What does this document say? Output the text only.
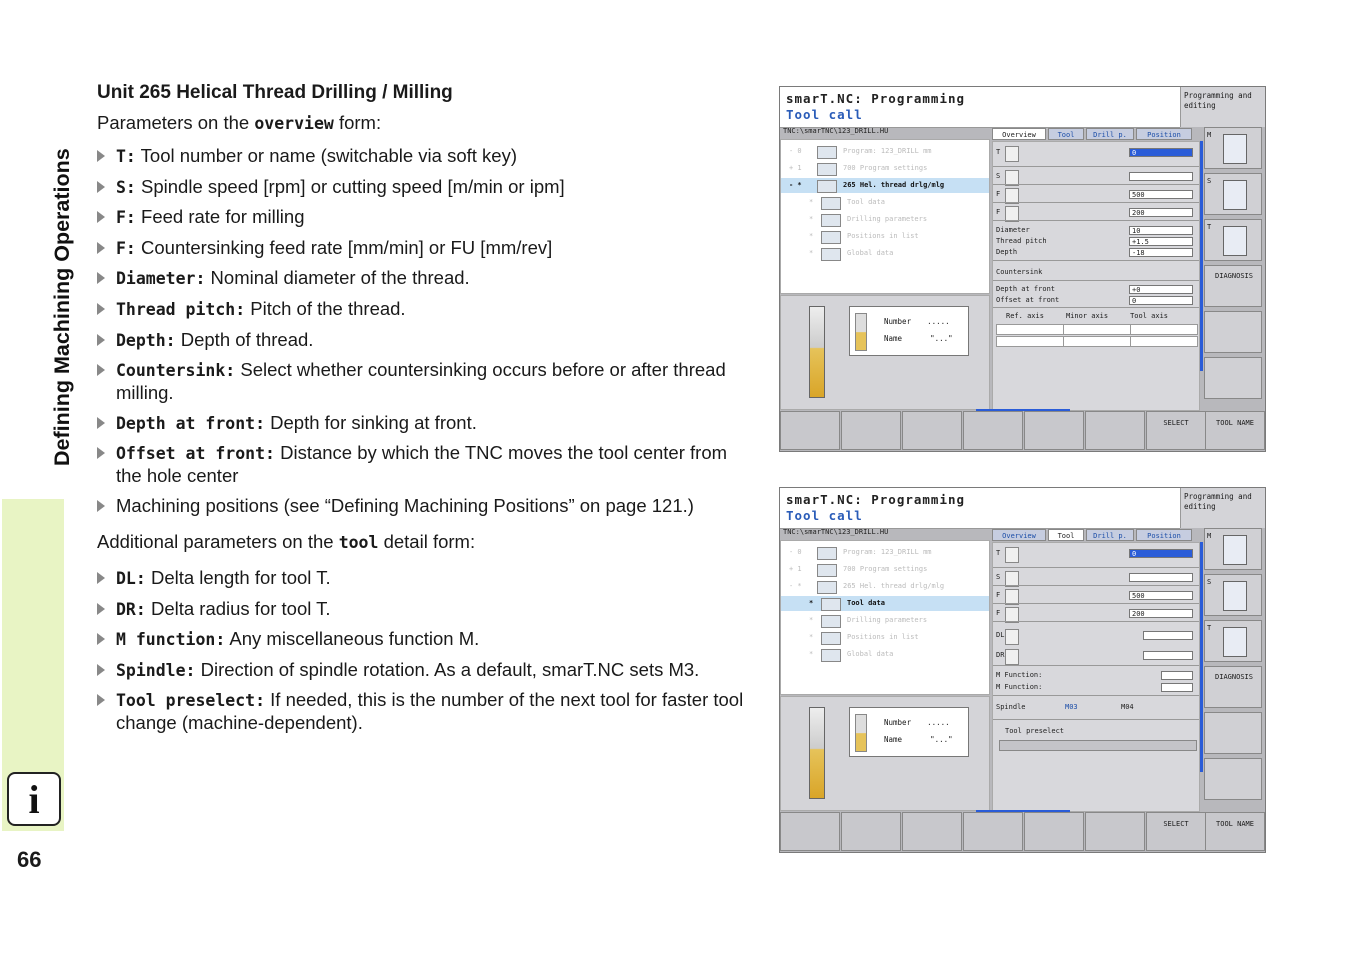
Defining Machining Operations
i
66
Unit 265 Helical Thread Drilling / Milling

Parameters on the overview form:

T: Tool number or name (switchable via soft key)
S: Spindle speed [rpm] or cutting speed [m/min or ipm]
F: Feed rate for milling
F: Countersinking feed rate [mm/min] or FU [mm/rev]
Diameter: Nominal diameter of the thread.
Thread pitch: Pitch of the thread.
Depth: Depth of thread.
Countersink: Select whether countersinking occurs before or after thread milling.
Depth at front: Depth for sinking at front.
Offset at front: Distance by which the TNC moves the tool center from the hole center
Machining positions (see “Defining Machining Positions” on page 121.)

Additional parameters on the tool detail form:

DL: Delta length for tool T.
DR: Delta radius for tool T.
M function: Any miscellaneous function M.
Spindle: Direction of spindle rotation. As a default, smarT.NC sets M3.
Tool preselect: If needed, this is the number of the next tool for faster tool change (machine-dependent).
smarT.NC: Programming
Tool call
Programming and editing
TNC:\smarTNC\123_DRILL.HU
- 0	Program: 123_DRILL mm
+ 1	700 Program settings
- *	265 Hel. thread drlg/mlg
*	Tool data
*	Drilling parameters
*	Positions in list
*	Global data
Number .....
Name	"..."
Overview	Tool	Drill p.	Position
T	0
S
F	500
F	200
Diameter	10
Thread pitch	+1.5
Depth	-18
Countersink
Depth at front	+0
Offset at front	0
Ref. axis	Minor axis	Tool axis
M
S
T
DIAGNOSIS
SELECT	TOOL NAME
smarT.NC: Programming
Tool call
Programming and editing
TNC:\smarTNC\123_DRILL.HU
- 0	Program: 123_DRILL mm
+ 1	700 Program settings
- *	265 Hel. thread drlg/mlg
*	Tool data
*	Drilling parameters
*	Positions in list
*	Global data
Number .....
Name	"..."
Overview	Tool	Drill p.	Position
T	0
S
F	500
F	200
DL
DR
M Function:
M Function:
Spindle	M03	M04
Tool preselect
M
S
T
DIAGNOSIS
SELECT	TOOL NAME
